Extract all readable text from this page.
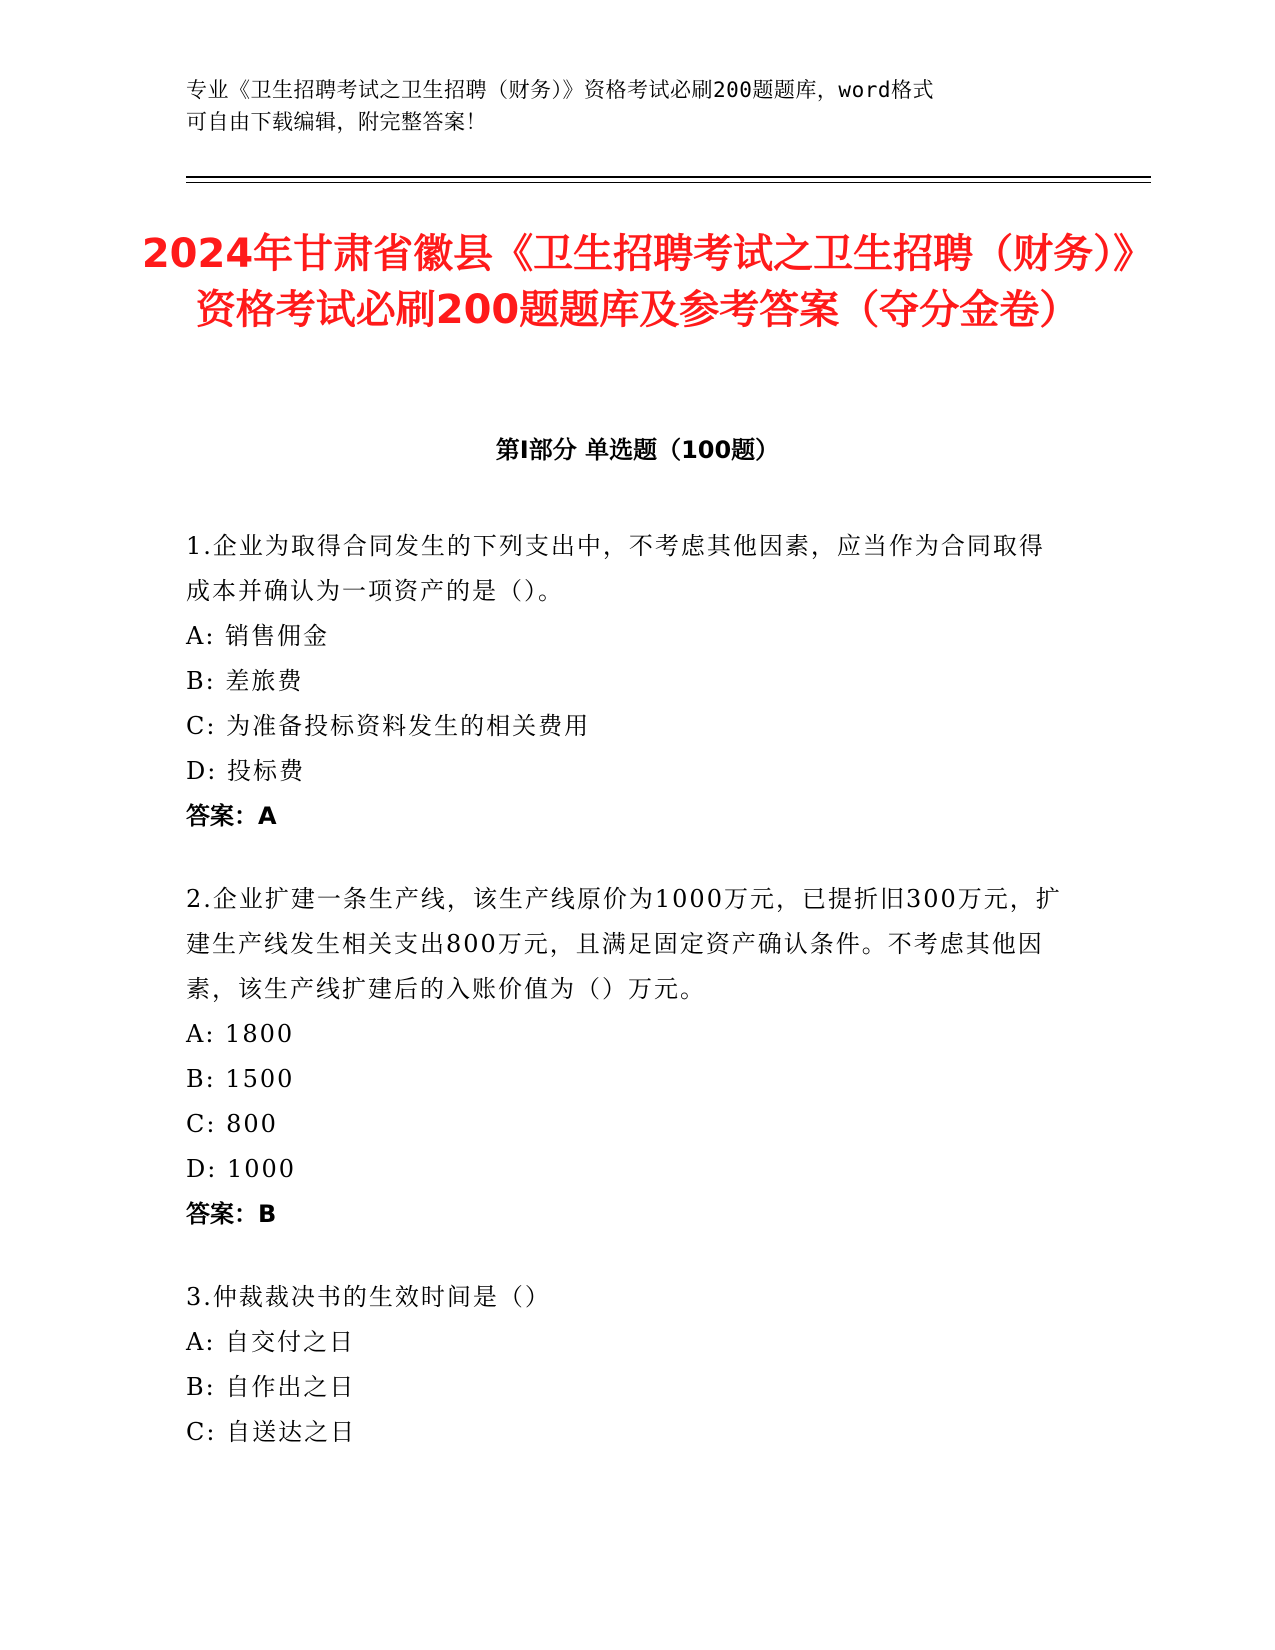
专业《卫生招聘考试之卫生招聘（财务）》资格考试必刷200题题库，word格式

可自由下载编辑，附完整答案！

2024年甘肃省徽县《卫生招聘考试之卫生招聘（财务）》资格考试必刷200题题库及参考答案（夺分金卷）
第Ⅰ部分 单选题（100题）

1.企业为取得合同发生的下列支出中，不考虑其他因素，应当作为合同取得成本并确认为一项资产的是（）。

A: 销售佣金

B: 差旅费

C: 为准备投标资料发生的相关费用

D: 投标费

答案：A

2.企业扩建一条生产线，该生产线原价为1000万元，已提折旧300万元，扩建生产线发生相关支出800万元，且满足固定资产确认条件。不考虑其他因素，该生产线扩建后的入账价值为（）万元。

A: 1800

B: 1500

C: 800

D: 1000

答案：B

3.仲裁裁决书的生效时间是（）

A: 自交付之日

B: 自作出之日

C: 自送达之日
